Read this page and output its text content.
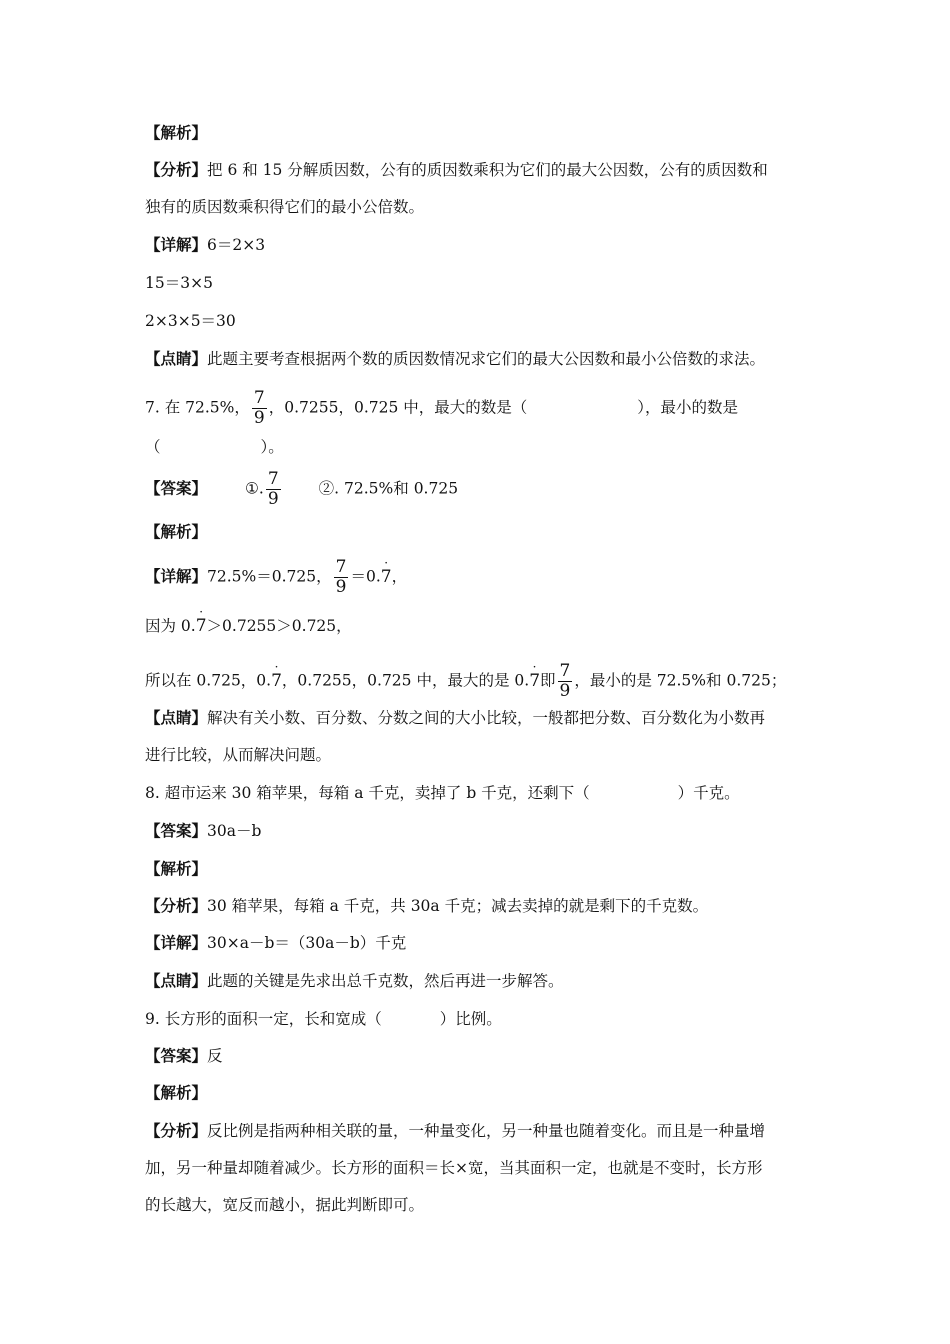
【解析】
【分析】把 6 和 15 分解质因数，公有的质因数乘积为它们的最大公因数，公有的质因数和
独有的质因数乘积得它们的最小公倍数。
【详解】6＝2×3
15＝3×5
2×3×5＝30
【点睛】此题主要考查根据两个数的质因数情况求它们的最大公因数和最小公倍数的求法。
7. 在 72.5%， $\frac{7}{9}$ ，0.7255，0.725 中，最大的数是（	），最小的数是
（	）。
【答案】 ①. $\frac{7}{9}$ ②. 72.5%和 0.725
【解析】
【详解】72.5%＝0.725， $\frac{7}{9} =0$.
·
7，
因为 0.
·
7＞0.7255＞0.725，
所以在 0.725，0.
·
7，0.7255，0.725 中，最大的是 0.
·
7即 $\frac{7}{9}$ ，最小的是 72.5%和 0.725；
【点睛】解决有关小数、百分数、分数之间的大小比较，一般都把分数、百分数化为小数再
进行比较，从而解决问题。
8. 超市运来 30 箱苹果，每箱 a 千克，卖掉了 b 千克，还剩下（	）千克。
【答案】30a－b
【解析】
【分析】30 箱苹果，每箱 a 千克，共 30a 千克；减去卖掉的就是剩下的千克数。
【详解】30×a－b＝（30a－b）千克
【点睛】此题的关键是先求出总千克数，然后再进一步解答。
9. 长方形的面积一定，长和宽成（	）比例。
【答案】反
【解析】
【分析】反比例是指两种相关联的量，一种量变化，另一种量也随着变化。而且是一种量增
加，另一种量却随着减少。长方形的面积＝长×宽，当其面积一定，也就是不变时，长方形
的长越大，宽反而越小，据此判断即可。
